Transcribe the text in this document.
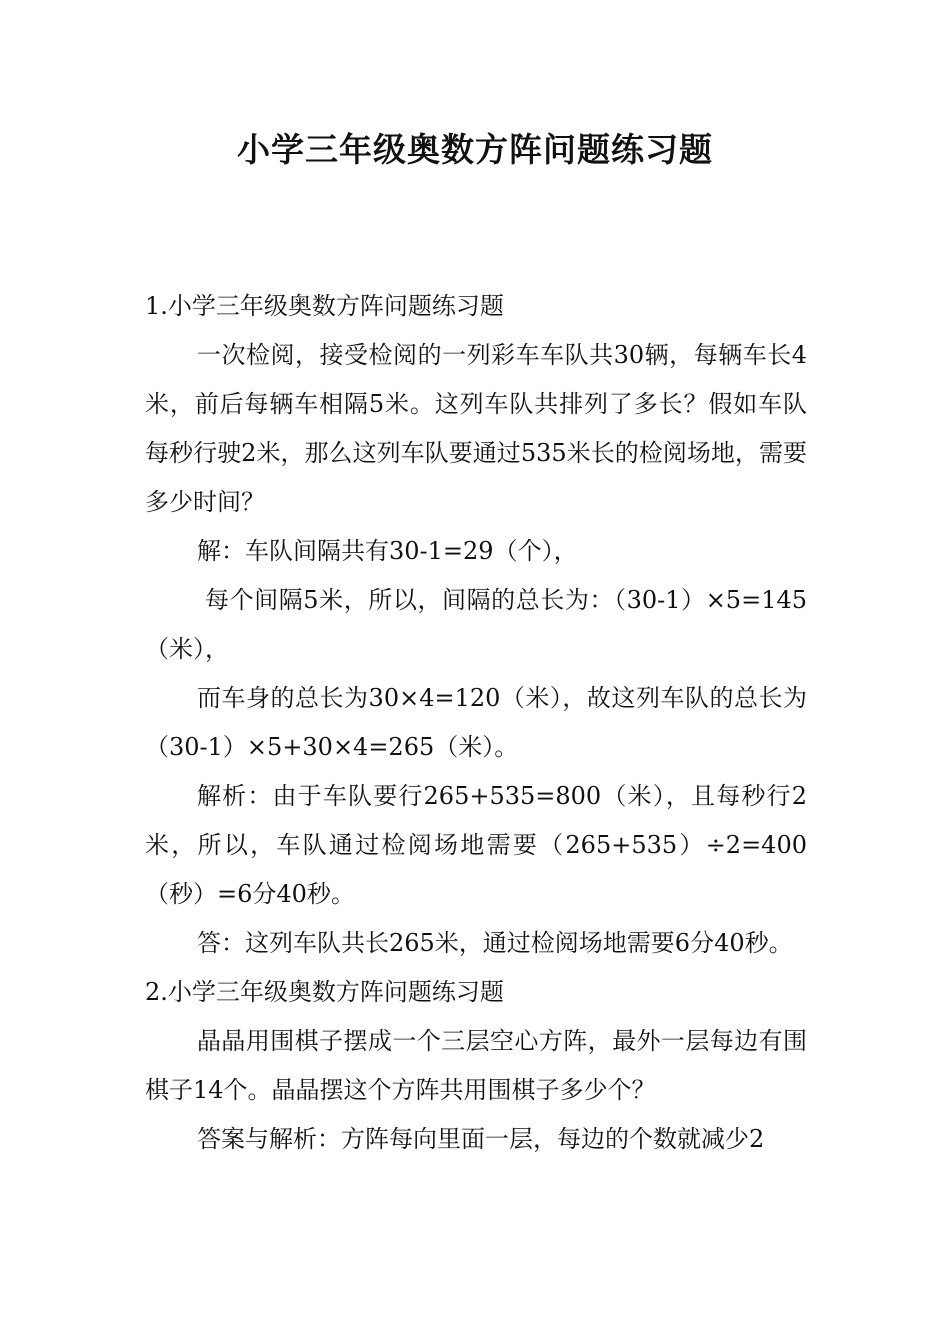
小学三年级奥数方阵问题练习题

1.小学三年级奥数方阵问题练习题

一次检阅，接受检阅的一列彩车车队共30辆，每辆车长4米，前后每辆车相隔5米。这列车队共排列了多长？假如车队每秒行驶2米，那么这列车队要通过535米长的检阅场地，需要多少时间？

解：车队间隔共有30-1=29（个），

每个间隔5米，所以，间隔的总长为：（30-1）×5=145（米），

而车身的总长为30×4=120（米），故这列车队的总长为（30-1）×5+30×4=265（米）。

解析：由于车队要行265+535=800（米），且每秒行2米，所以，车队通过检阅场地需要（265+535）÷2=400（秒）=6分40秒。

答：这列车队共长265米，通过检阅场地需要6分40秒。

2.小学三年级奥数方阵问题练习题

晶晶用围棋子摆成一个三层空心方阵，最外一层每边有围棋子14个。晶晶摆这个方阵共用围棋子多少个？

答案与解析：方阵每向里面一层，每边的个数就减少2
